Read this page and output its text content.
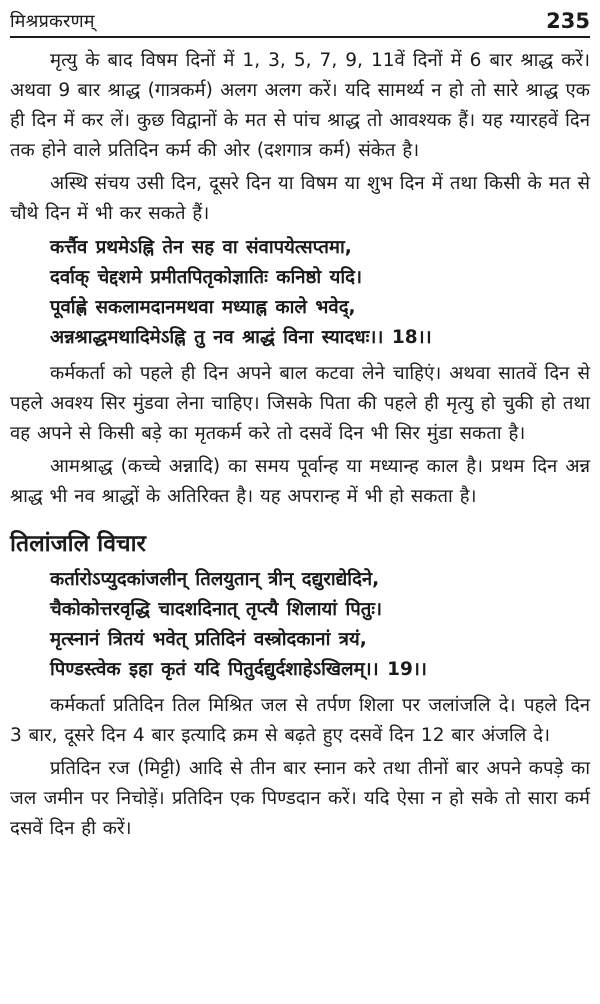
मिश्रप्रकरणम्	235

मृत्यु के बाद विषम दिनों में 1, 3, 5, 7, 9, 11वें दिनों में 6 बार श्राद्ध करें। अथवा 9 बार श्राद्ध (गात्रकर्म) अलग अलग करें। यदि सामर्थ्य न हो तो सारे श्राद्ध एक ही दिन में कर लें। कुछ विद्वानों के मत से पांच श्राद्ध तो आवश्यक हैं। यह ग्यारहवें दिन तक होने वाले प्रतिदिन कर्म की ओर (दशगात्र कर्म) संकेत है।

अस्थि संचय उसी दिन, दूसरे दिन या विषम या शुभ दिन में तथा किसी के मत से चौथे दिन में भी कर सकते हैं।

कर्त्तैव प्रथमेऽह्नि तेन सह वा संवापयेत्सप्तमा,
दर्वाक् चेद्दशमे प्रमीतपितृकोज्ञातिः कनिष्ठो यदि।
पूर्वाह्णे सकलामदानमथवा मध्याह्न काले भवेद्,
अन्नश्राद्धमथादिमेऽह्नि तु नव श्राद्धं विना स्यादधः।। 18।।

कर्मकर्ता को पहले ही दिन अपने बाल कटवा लेने चाहिएं। अथवा सातवें दिन से पहले अवश्य सिर मुंडवा लेना चाहिए। जिसके पिता की पहले ही मृत्यु हो चुकी हो तथा वह अपने से किसी बड़े का मृतकर्म करे तो दसवें दिन भी सिर मुंडा सकता है।

आमश्राद्ध (कच्चे अन्नादि) का समय पूर्वान्ह या मध्यान्ह काल है। प्रथम दिन अन्न श्राद्ध भी नव श्राद्धों के अतिरिक्त है। यह अपरान्ह में भी हो सकता है।

तिलांजलि विचार
कर्तारोऽप्युदकांजलीन् तिलयुतान् त्रीन् दद्युराद्येदिने,
चैकोकोत्तरवृद्धि चादशदिनात् तृप्त्यै शिलायां पितुः।
मृत्स्नानं त्रितयं भवेत् प्रतिदिनं वस्त्रोदकानां त्रयं,
पिण्डस्त्वेक इहा कृतं यदि पितुर्दद्युर्दशाहेऽखिलम्।। 19।।

कर्मकर्ता प्रतिदिन तिल मिश्रित जल से तर्पण शिला पर जलांजलि दे। पहले दिन 3 बार, दूसरे दिन 4 बार इत्यादि क्रम से बढ़ते हुए दसवें दिन 12 बार अंजलि दे।

प्रतिदिन रज (मिट्टी) आदि से तीन बार स्नान करे तथा तीनों बार अपने कपड़े का जल जमीन पर निचोड़ें। प्रतिदिन एक पिण्डदान करें। यदि ऐसा न हो सके तो सारा कर्म दसवें दिन ही करें।
